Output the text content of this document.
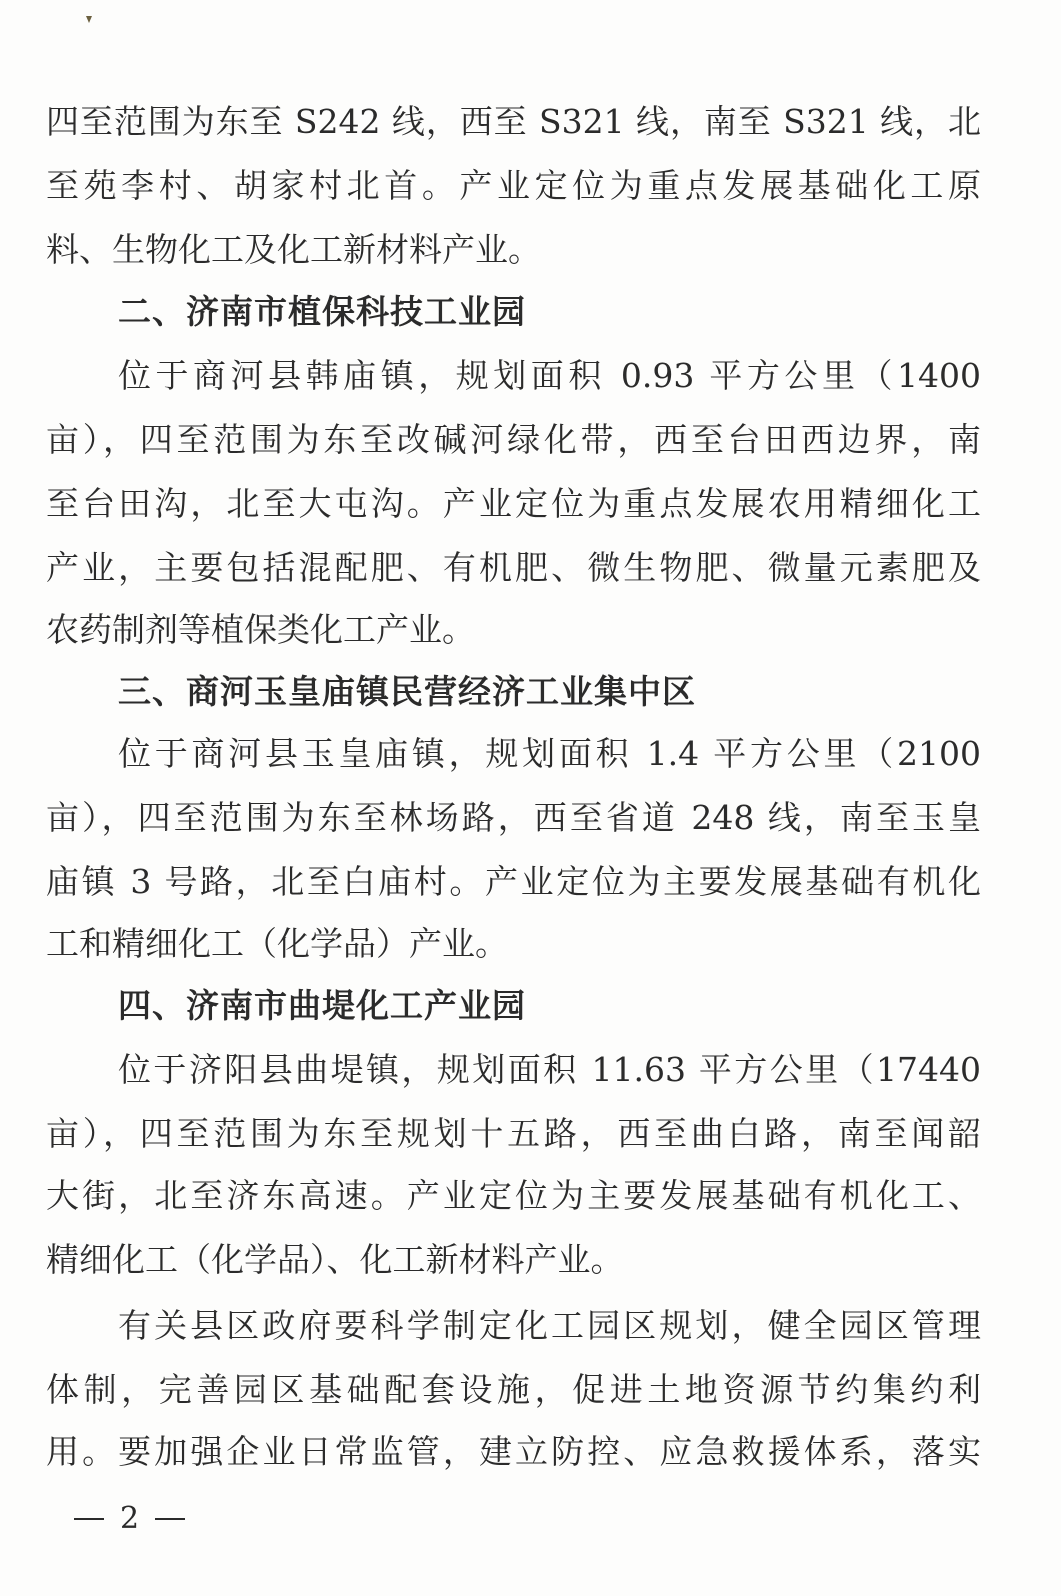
四至范围为东至 S242 线，西至 S321 线，南至 S321 线，北
至苑李村、胡家村北首。产业定位为重点发展基础化工原
料、生物化工及化工新材料产业。
二、济南市植保科技工业园
位于商河县韩庙镇，规划面积 0.93 平方公里（1400
亩），四至范围为东至改碱河绿化带，西至台田西边界，南
至台田沟，北至大屯沟。产业定位为重点发展农用精细化工
产业，主要包括混配肥、有机肥、微生物肥、微量元素肥及
农药制剂等植保类化工产业。
三、商河玉皇庙镇民营经济工业集中区
位于商河县玉皇庙镇，规划面积 1.4 平方公里（2100
亩），四至范围为东至林场路，西至省道 248 线，南至玉皇
庙镇 3 号路，北至白庙村。产业定位为主要发展基础有机化
工和精细化工（化学品）产业。
四、济南市曲堤化工产业园
位于济阳县曲堤镇，规划面积 11.63 平方公里（17440
亩），四至范围为东至规划十五路，西至曲白路，南至闻韶
大街，北至济东高速。产业定位为主要发展基础有机化工、
精细化工（化学品）、化工新材料产业。
有关县区政府要科学制定化工园区规划，健全园区管理
体制，完善园区基础配套设施，促进土地资源节约集约利
用。要加强企业日常监管，建立防控、应急救援体系，落实
2
